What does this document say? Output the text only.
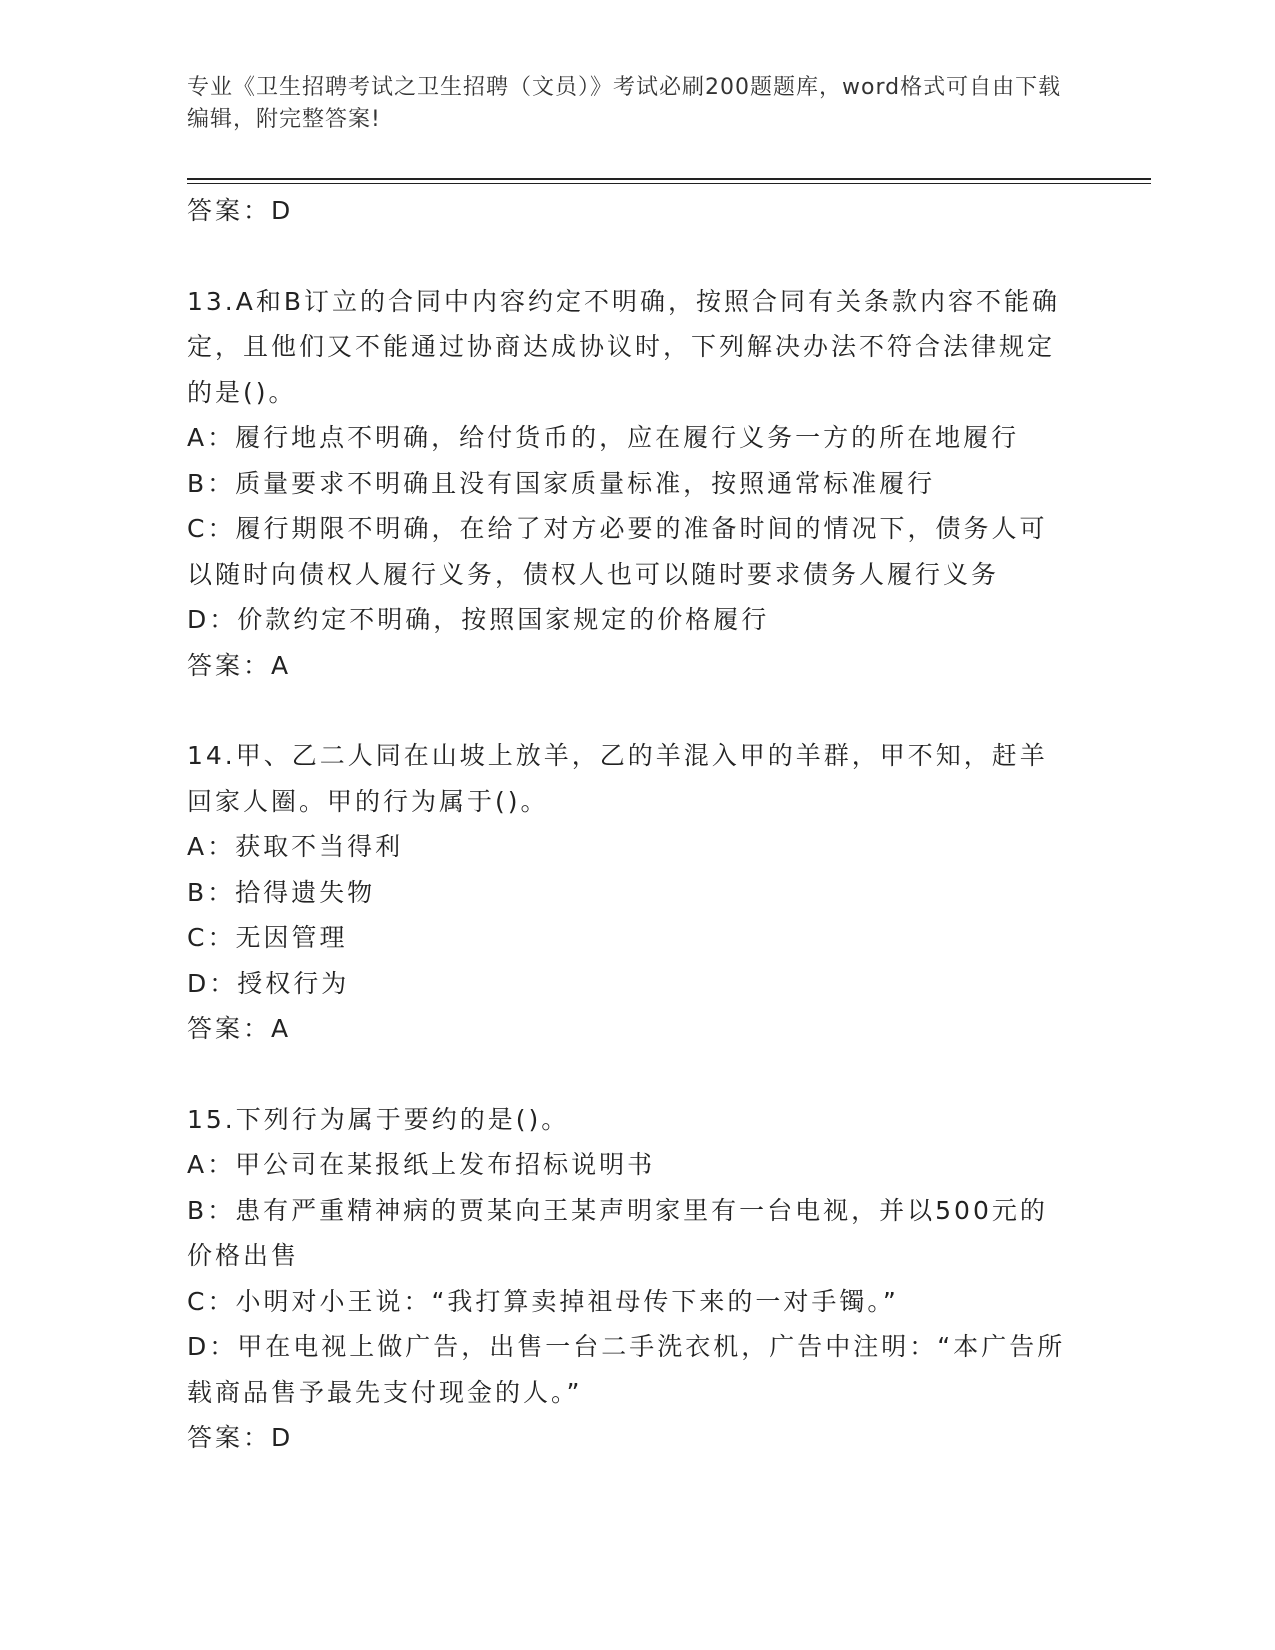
专业《卫生招聘考试之卫生招聘（文员）》考试必刷200题题库，word格式可自由下载编辑，附完整答案!

答案：D

13.A和B订立的合同中内容约定不明确，按照合同有关条款内容不能确定，且他们又不能通过协商达成协议时，下列解决办法不符合法律规定的是()。

A：履行地点不明确，给付货币的，应在履行义务一方的所在地履行

B：质量要求不明确且没有国家质量标准，按照通常标准履行

C：履行期限不明确，在给了对方必要的准备时间的情况下，债务人可以随时向债权人履行义务，债权人也可以随时要求债务人履行义务

D：价款约定不明确，按照国家规定的价格履行

答案：A

14.甲、乙二人同在山坡上放羊，乙的羊混入甲的羊群，甲不知，赶羊回家人圈。甲的行为属于()。

A：获取不当得利

B：拾得遗失物

C：无因管理

D：授权行为

答案：A

15.下列行为属于要约的是()。

A：甲公司在某报纸上发布招标说明书

B：患有严重精神病的贾某向王某声明家里有一台电视，并以500元的价格出售

C：小明对小王说：“我打算卖掉祖母传下来的一对手镯。”

D：甲在电视上做广告，出售一台二手洗衣机，广告中注明：“本广告所载商品售予最先支付现金的人。”

答案：D
